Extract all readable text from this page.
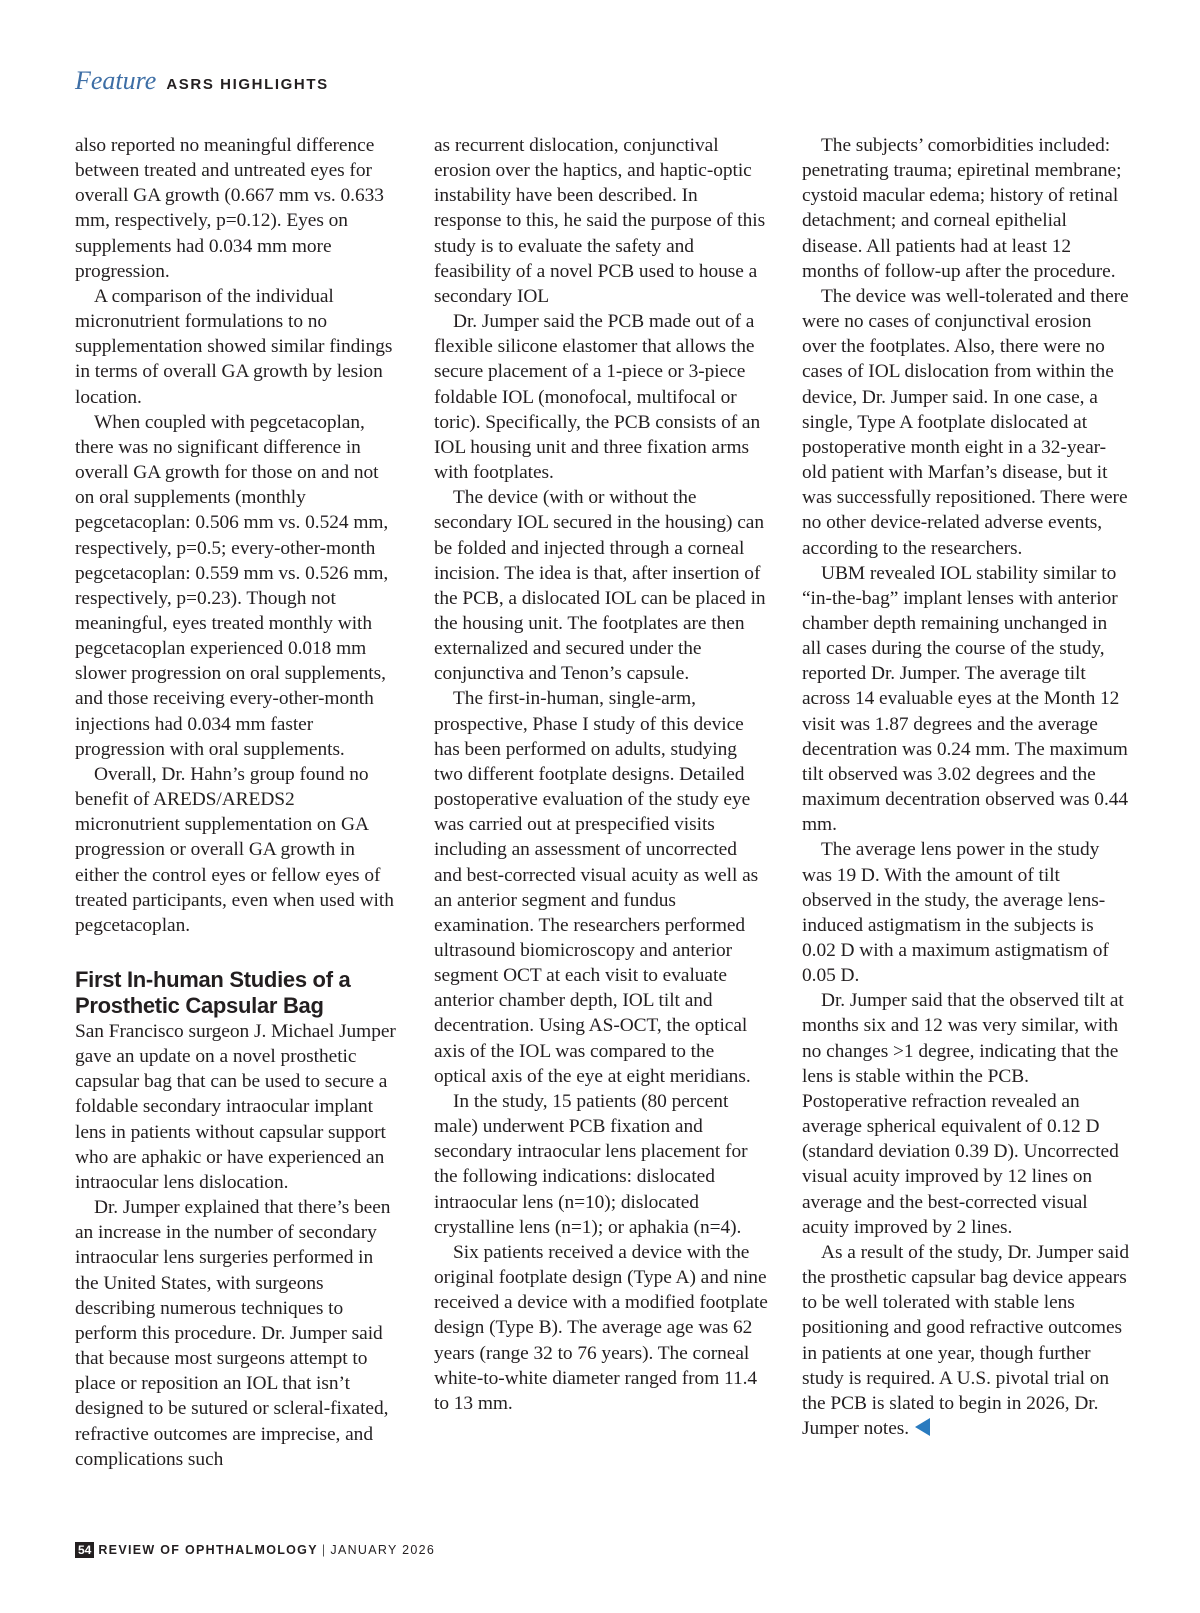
Feature ASRS HIGHLIGHTS

also reported no meaningful difference between treated and untreated eyes for overall GA growth (0.667 mm vs. 0.633 mm, respectively, p=0.12). Eyes on supplements had 0.034 mm more progression.

A comparison of the individual micronutrient formulations to no supplementation showed similar findings in terms of overall GA growth by lesion location.

When coupled with pegcetacoplan, there was no significant difference in overall GA growth for those on and not on oral supplements (monthly pegcetacoplan: 0.506 mm vs. 0.524 mm, respectively, p=0.5; every-other-month pegcetacoplan: 0.559 mm vs. 0.526 mm, respectively, p=0.23). Though not meaningful, eyes treated monthly with pegcetacoplan experienced 0.018 mm slower progression on oral supplements, and those receiving every-other-month injections had 0.034 mm faster progression with oral supplements.

Overall, Dr. Hahn’s group found no benefit of AREDS/AREDS2 micronutrient supplementation on GA progression or overall GA growth in either the control eyes or fellow eyes of treated participants, even when used with pegcetacoplan.

First In-human Studies of a Prosthetic Capsular Bag

San Francisco surgeon J. Michael Jumper gave an update on a novel prosthetic capsular bag that can be used to secure a foldable secondary intraocular implant lens in patients without capsular support who are aphakic or have experienced an intraocular lens dislocation.

Dr. Jumper explained that there’s been an increase in the number of secondary intraocular lens surgeries performed in the United States, with surgeons describing numerous techniques to perform this procedure. Dr. Jumper said that because most surgeons attempt to place or reposition an IOL that isn’t designed to be sutured or scleral-fixated, refractive outcomes are imprecise, and complications such

as recurrent dislocation, conjunctival erosion over the haptics, and haptic-optic instability have been described. In response to this, he said the purpose of this study is to evaluate the safety and feasibility of a novel PCB used to house a secondary IOL

Dr. Jumper said the PCB made out of a flexible silicone elastomer that allows the secure placement of a 1-piece or 3-piece foldable IOL (monofocal, multifocal or toric). Specifically, the PCB consists of an IOL housing unit and three fixation arms with footplates.

The device (with or without the secondary IOL secured in the housing) can be folded and injected through a corneal incision. The idea is that, after insertion of the PCB, a dislocated IOL can be placed in the housing unit. The footplates are then externalized and secured under the conjunctiva and Tenon’s capsule.

The first-in-human, single-arm, prospective, Phase I study of this device has been performed on adults, studying two different footplate designs. Detailed postoperative evaluation of the study eye was carried out at prespecified visits including an assessment of uncorrected and best-corrected visual acuity as well as an anterior segment and fundus examination. The researchers performed ultrasound biomicroscopy and anterior segment OCT at each visit to evaluate anterior chamber depth, IOL tilt and decentration. Using AS-OCT, the optical axis of the IOL was compared to the optical axis of the eye at eight meridians.

In the study, 15 patients (80 percent male) underwent PCB fixation and secondary intraocular lens placement for the following indications: dislocated intraocular lens (n=10); dislocated crystalline lens (n=1); or aphakia (n=4).

Six patients received a device with the original footplate design (Type A) and nine received a device with a modified footplate design (Type B). The average age was 62 years (range 32 to 76 years). The corneal white-to-white diameter ranged from 11.4 to 13 mm.

The subjects’ comorbidities included: penetrating trauma; epiretinal membrane; cystoid macular edema; history of retinal detachment; and corneal epithelial disease. All patients had at least 12 months of follow-up after the procedure.

The device was well-tolerated and there were no cases of conjunctival erosion over the footplates. Also, there were no cases of IOL dislocation from within the device, Dr. Jumper said. In one case, a single, Type A footplate dislocated at postoperative month eight in a 32-year-old patient with Marfan’s disease, but it was successfully repositioned. There were no other device-related adverse events, according to the researchers.

UBM revealed IOL stability similar to “in-the-bag” implant lenses with anterior chamber depth remaining unchanged in all cases during the course of the study, reported Dr. Jumper. The average tilt across 14 evaluable eyes at the Month 12 visit was 1.87 degrees and the average decentration was 0.24 mm. The maximum tilt observed was 3.02 degrees and the maximum decentration observed was 0.44 mm.

The average lens power in the study was 19 D. With the amount of tilt observed in the study, the average lens-induced astigmatism in the subjects is 0.02 D with a maximum astigmatism of 0.05 D.

Dr. Jumper said that the observed tilt at months six and 12 was very similar, with no changes >1 degree, indicating that the lens is stable within the PCB. Postoperative refraction revealed an average spherical equivalent of 0.12 D (standard deviation 0.39 D). Uncorrected visual acuity improved by 12 lines on average and the best-corrected visual acuity improved by 2 lines.

As a result of the study, Dr. Jumper said the prosthetic capsular bag device appears to be well tolerated with stable lens positioning and good refractive outcomes in patients at one year, though further study is required. A U.S. pivotal trial on the PCB is slated to begin in 2026, Dr. Jumper notes.

54 REVIEW OF OPHTHALMOLOGY | JANUARY 2026
